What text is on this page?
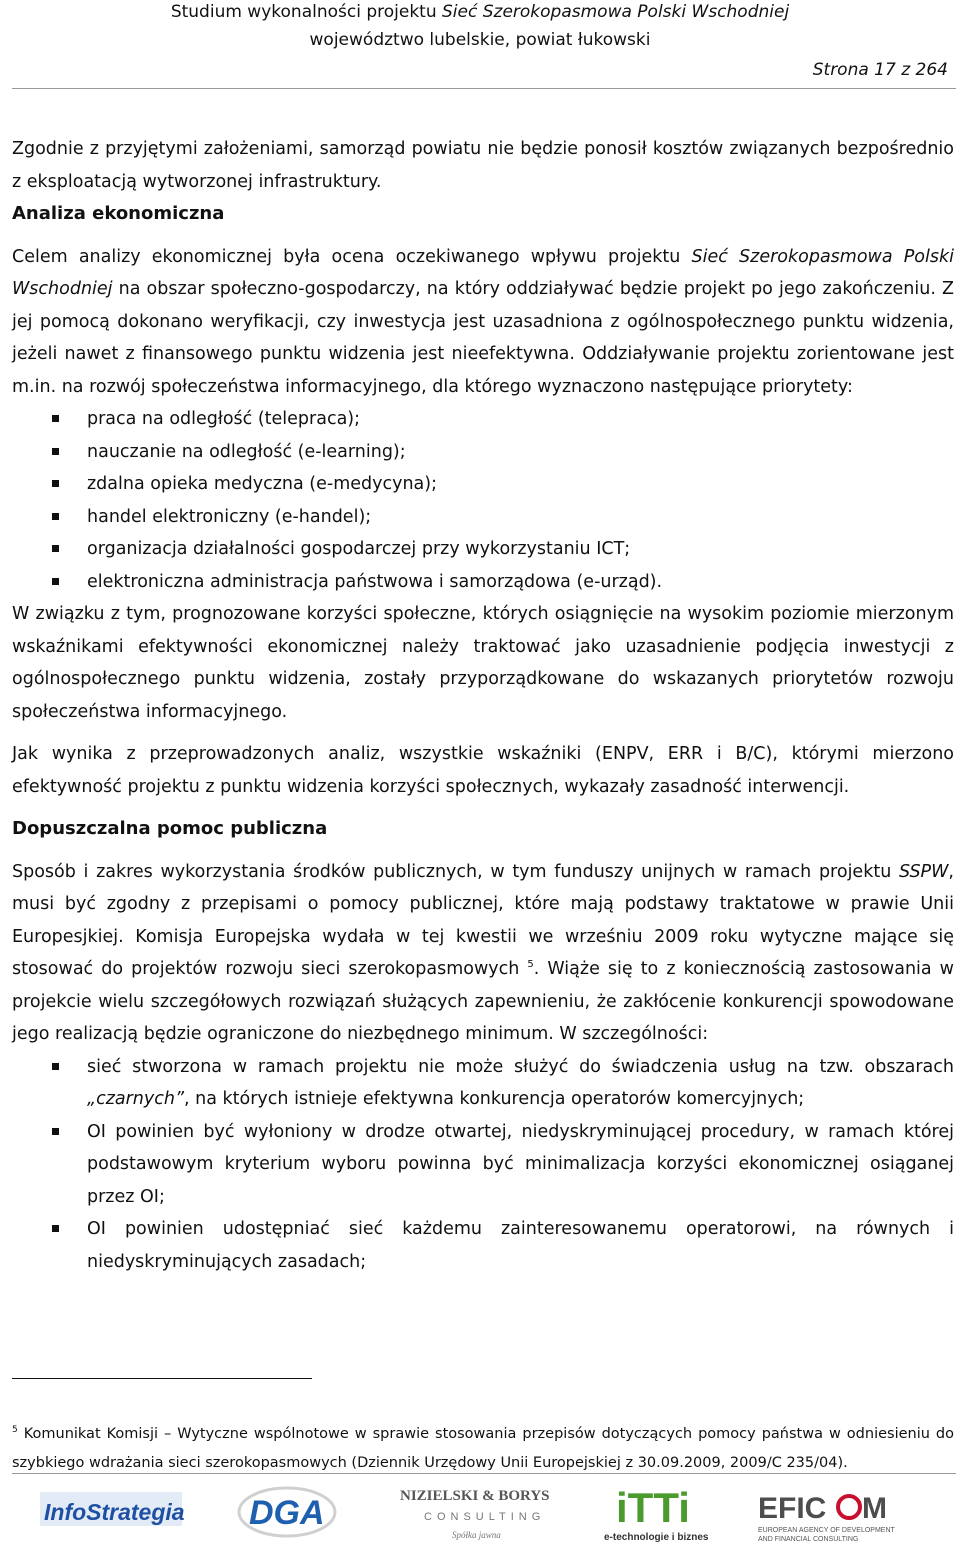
Studium wykonalności projektu Sieć Szerokopasmowa Polski Wschodniej
województwo lubelskie, powiat łukowski
Strona 17 z 264

Zgodnie z przyjętymi założeniami, samorząd powiatu nie będzie ponosił kosztów związanych bezpośrednio z eksploatacją wytworzonej infrastruktury.

Analiza ekonomiczna

Celem analizy ekonomicznej była ocena oczekiwanego wpływu projektu Sieć Szerokopasmowa Polski Wschodniej na obszar społeczno-gospodarczy, na który oddziaływać będzie projekt po jego zakończeniu. Z jej pomocą dokonano weryfikacji, czy inwestycja jest uzasadniona z ogólnospołecznego punktu widzenia, jeżeli nawet z finansowego punktu widzenia jest nieefektywna. Oddziaływanie projektu zorientowane jest m.in. na rozwój społeczeństwa informacyjnego, dla którego wyznaczono następujące priorytety:

praca na odległość (telepraca);
nauczanie na odległość (e-learning);
zdalna opieka medyczna (e-medycyna);
handel elektroniczny (e-handel);
organizacja działalności gospodarczej przy wykorzystaniu ICT;
elektroniczna administracja państwowa i samorządowa (e-urząd).

W związku z tym, prognozowane korzyści społeczne, których osiągnięcie na wysokim poziomie mierzonym wskaźnikami efektywności ekonomicznej należy traktować jako uzasadnienie podjęcia inwestycji z ogólnospołecznego punktu widzenia, zostały przyporządkowane do wskazanych priorytetów rozwoju społeczeństwa informacyjnego.

Jak wynika z przeprowadzonych analiz, wszystkie wskaźniki (ENPV, ERR i B/C), którymi mierzono efektywność projektu z punktu widzenia korzyści społecznych, wykazały zasadność interwencji.

Dopuszczalna pomoc publiczna

Sposób i zakres wykorzystania środków publicznych, w tym funduszy unijnych w ramach projektu SSPW, musi być zgodny z przepisami o pomocy publicznej, które mają podstawy traktatowe w prawie Unii Europesjkiej. Komisja Europejska wydała w tej kwestii we wrześniu 2009 roku wytyczne mające się stosować do projektów rozwoju sieci szerokopasmowych $^5$. Wiąże się to z koniecznością zastosowania w projekcie wielu szczegółowych rozwiązań służących zapewnieniu, że zakłócenie konkurencji spowodowane jego realizacją będzie ograniczone do niezbędnego minimum. W szczególności:

sieć stworzona w ramach projektu nie może służyć do świadczenia usług na tzw. obszarach „czarnych”, na których istnieje efektywna konkurencja operatorów komercyjnych;
OI powinien być wyłoniony w drodze otwartej, niedyskryminującej procedury, w ramach której podstawowym kryterium wyboru powinna być minimalizacja korzyści ekonomicznej osiąganej przez OI;
OI powinien udostępniać sieć każdemu zainteresowanemu operatorowi, na równych i niedyskryminujących zasadach;
$^5$ Komunikat Komisji – Wytyczne wspólnotowe w sprawie stosowania przepisów dotyczących pomocy państwa w odniesieniu do szybkiego wdrażania sieci szerokopasmowych (Dziennik Urzędowy Unii Europejskiej z 30.09.2009, 2009/C 235/04).
InfoStrategia DGA	NIZIELSKI & BORYS
CONSULTING
Spółka jawna
iTTi
e-technologie i biznes
EFIC M
EUROPEAN AGENCY OF DEVELOPMENT
AND FINANCIAL CONSULTING
